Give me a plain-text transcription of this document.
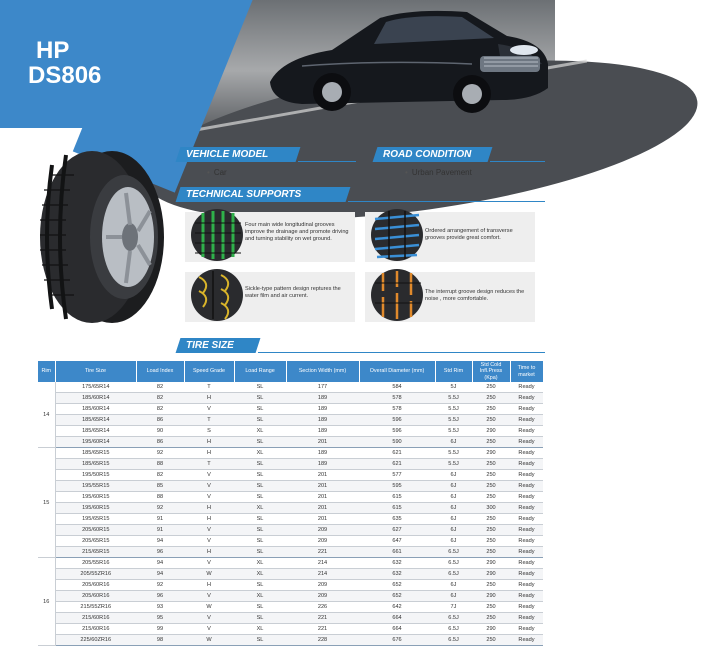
HP
DS806
VEHICLE MODEL
• Car
ROAD CONDITION
• Urban Pavement
TECHNICAL SUPPORTS
Four main wide longitudinal grooves improve the drainage and promote driving and turning stability on wet ground.
Ordered arrangement of transverse grooves provide great comfort.
Sickle-type pattern design reptures the water film and air current.
The interrupt groove design reduces the noise , more comfortable.
TIRE SIZE
Rim	Tire Size	Load Index	Speed Grade	Load Range	Section Width (mm)	Overall Diameter (mm)	Std Rim	Std Cold Infl.Press (Kpa)	Time to market
14	175/65R14	82	T	SL	177	584	5J	250	Ready
	185/60R14	82	H	SL	189	578	5.5J	250	Ready
	185/60R14	82	V	SL	189	578	5.5J	250	Ready
	185/65R14	86	T	SL	189	596	5.5J	250	Ready
	185/65R14	90	S	XL	189	596	5.5J	290	Ready
	195/60R14	86	H	SL	201	590	6J	250	Ready
15	185/65R15	92	H	XL	189	621	5.5J	290	Ready
	185/65R15	88	T	SL	189	621	5.5J	250	Ready
	195/50R15	82	V	SL	201	577	6J	250	Ready
	195/55R15	85	V	SL	201	595	6J	250	Ready
	195/60R15	88	V	SL	201	615	6J	250	Ready
	195/60R15	92	H	XL	201	615	6J	300	Ready
	195/65R15	91	H	SL	201	635	6J	250	Ready
	205/60R15	91	V	SL	209	627	6J	250	Ready
	205/65R15	94	V	SL	209	647	6J	250	Ready
	215/65R15	96	H	SL	221	661	6.5J	250	Ready
16	205/55R16	94	V	XL	214	632	6.5J	290	Ready
	205/55ZR16	94	W	XL	214	632	6.5J	290	Ready
	205/60R16	92	H	SL	209	652	6J	250	Ready
	205/60R16	96	V	XL	209	652	6J	290	Ready
	215/55ZR16	93	W	SL	226	642	7J	250	Ready
	215/60R16	95	V	SL	221	664	6.5J	250	Ready
	215/60R16	99	V	XL	221	664	6.5J	290	Ready
	225/60ZR16	98	W	SL	228	676	6.5J	250	Ready
